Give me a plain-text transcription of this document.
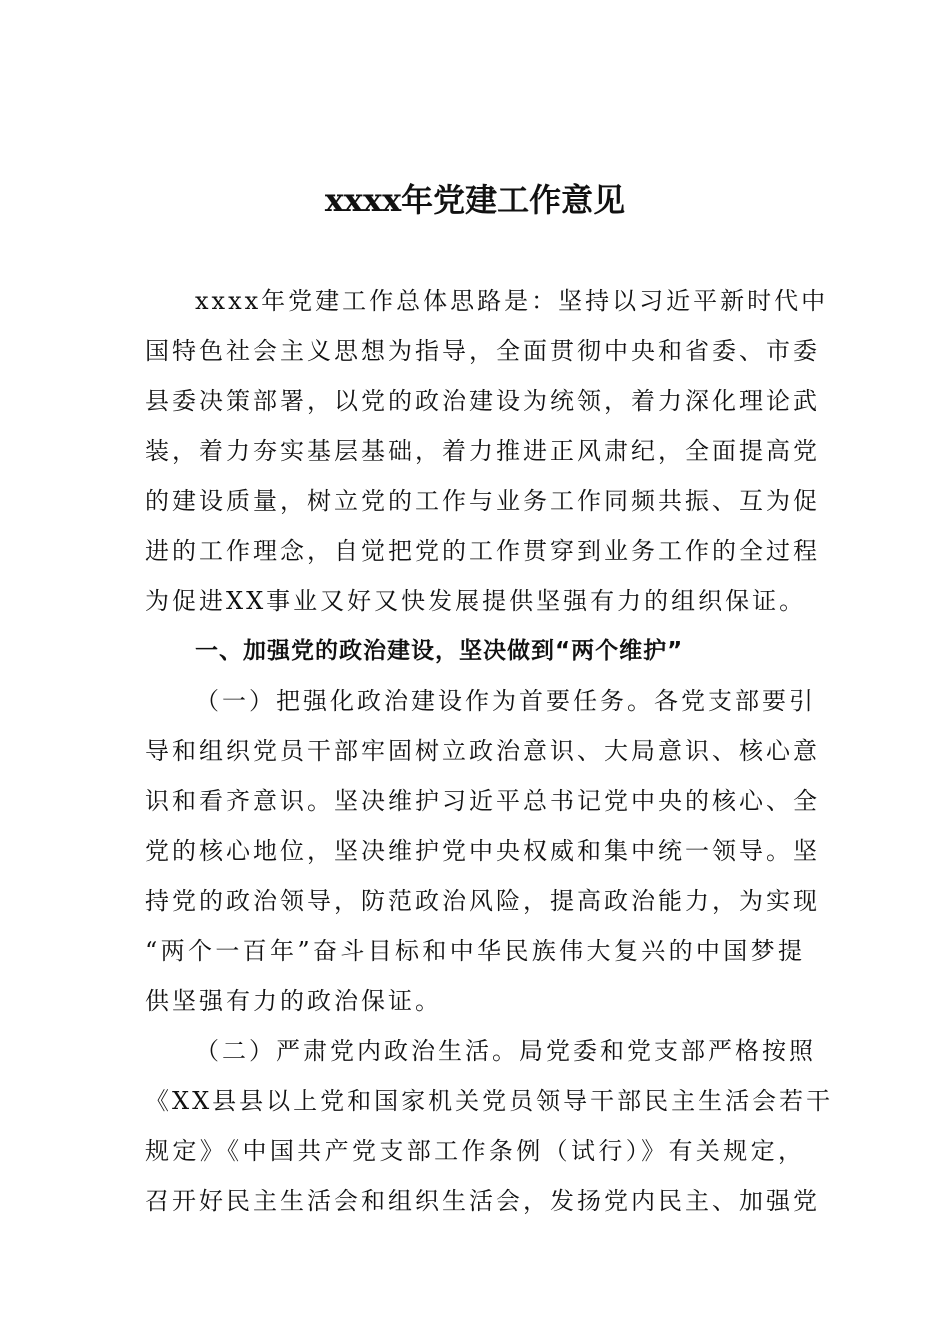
xxxx年党建工作意见
xxxx年党建工作总体思路是：坚持以习近平新时代中
国特色社会主义思想为指导，全面贯彻中央和省委、市委
县委决策部署，以党的政治建设为统领，着力深化理论武
装，着力夯实基层基础，着力推进正风肃纪，全面提高党
的建设质量，树立党的工作与业务工作同频共振、互为促
进的工作理念，自觉把党的工作贯穿到业务工作的全过程
为促进XX事业又好又快发展提供坚强有力的组织保证。
一、加强党的政治建设，坚决做到“两个维护”
（一）把强化政治建设作为首要任务。各党支部要引
导和组织党员干部牢固树立政治意识、大局意识、核心意
识和看齐意识。坚决维护习近平总书记党中央的核心、全
党的核心地位，坚决维护党中央权威和集中统一领导。坚
持党的政治领导，防范政治风险，提高政治能力，为实现
“两个一百年”奋斗目标和中华民族伟大复兴的中国梦提
供坚强有力的政治保证。
（二）严肃党内政治生活。局党委和党支部严格按照
《XX县县以上党和国家机关党员领导干部民主生活会若干
规定》《中国共产党支部工作条例（试行）》有关规定，
召开好民主生活会和组织生活会，发扬党内民主、加强党
